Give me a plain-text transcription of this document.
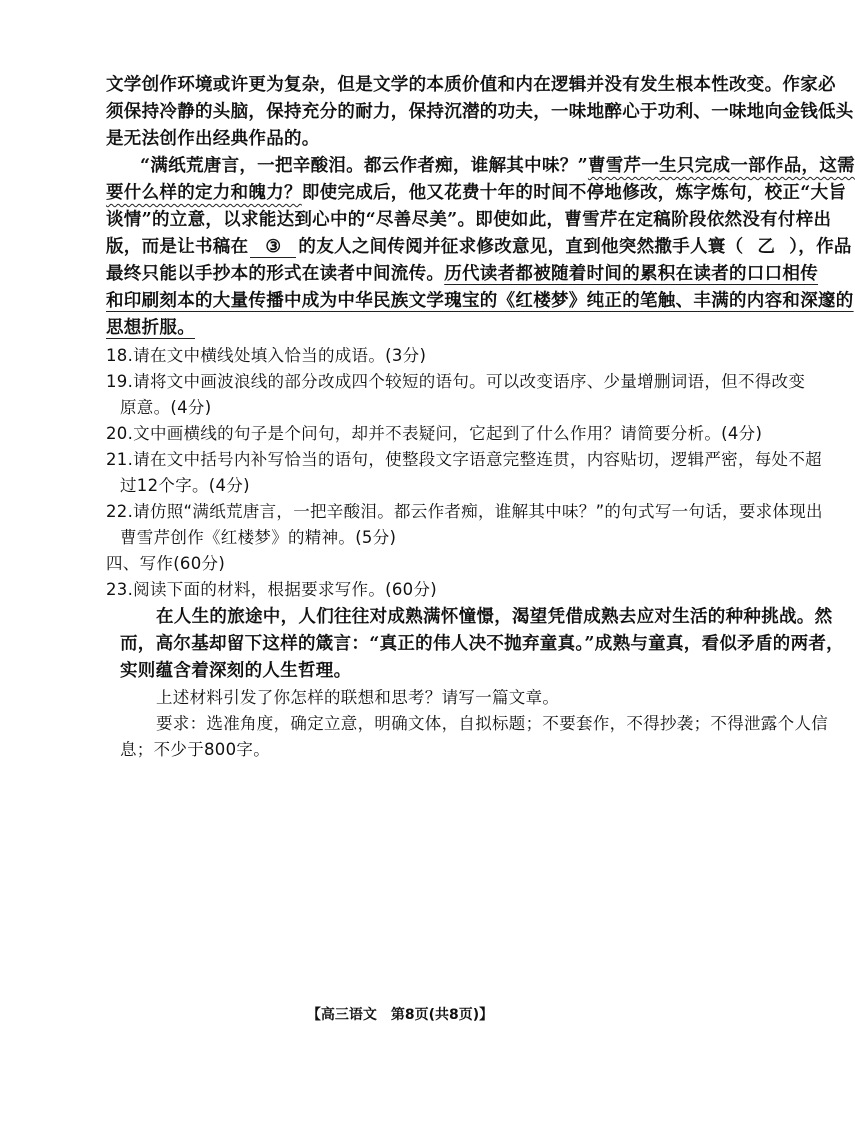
文学创作环境或许更为复杂，但是文学的本质价值和内在逻辑并没有发生根本性改变。作家必
须保持冷静的头脑，保持充分的耐力，保持沉潜的功夫，一味地醉心于功利、一味地向金钱低头
是无法创作出经典作品的。
“满纸荒唐言，一把辛酸泪。都云作者痴，谁解其中味？”曹雪芹一生只完成一部作品，这需
要什么样的定力和魄力？即使完成后，他又花费十年的时间不停地修改，炼字炼句，校正“大旨
谈情”的立意，以求能达到心中的“尽善尽美”。即使如此，曹雪芹在定稿阶段依然没有付梓出
版，而是让书稿在 ③ 的友人之间传阅并征求修改意见，直到他突然撒手人寰（ 乙 ），作品
最终只能以手抄本的形式在读者中间流传。历代读者都被随着时间的累积在读者的口口相传
和印刷刻本的大量传播中成为中华民族文学瑰宝的《红楼梦》纯正的笔触、丰满的内容和深邃的
思想折服。
18.请在文中横线处填入恰当的成语。(3分)
19.请将文中画波浪线的部分改成四个较短的语句。可以改变语序、少量增删词语，但不得改变
原意。(4分)
20.文中画横线的句子是个问句，却并不表疑问，它起到了什么作用？请简要分析。(4分)
21.请在文中括号内补写恰当的语句，使整段文字语意完整连贯，内容贴切，逻辑严密，每处不超
过12个字。(4分)
22.请仿照“满纸荒唐言，一把辛酸泪。都云作者痴，谁解其中味？”的句式写一句话，要求体现出
曹雪芹创作《红楼梦》的精神。(5分)
四、写作(60分)
23.阅读下面的材料，根据要求写作。(60分)
在人生的旅途中，人们往往对成熟满怀憧憬，渴望凭借成熟去应对生活的种种挑战。然
而，高尔基却留下这样的箴言：“真正的伟人决不抛弃童真。”成熟与童真，看似矛盾的两者，
实则蕴含着深刻的人生哲理。
上述材料引发了你怎样的联想和思考？请写一篇文章。
要求：选准角度，确定立意，明确文体，自拟标题；不要套作，不得抄袭；不得泄露个人信
息；不少于800字。
【高三语文　第8页(共8页)】
